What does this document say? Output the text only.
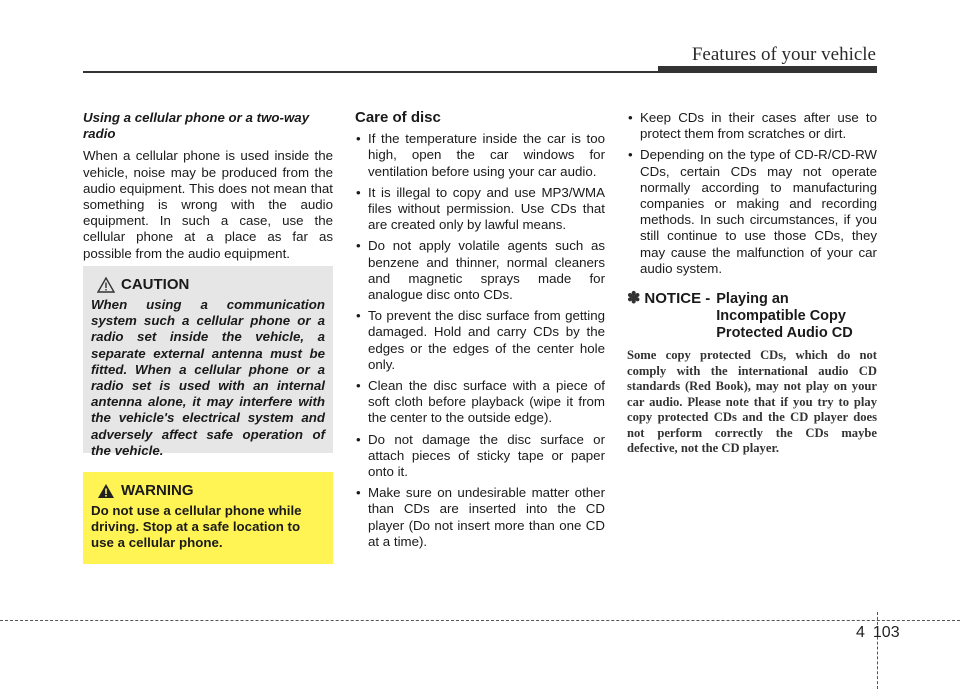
Features of your vehicle

Using a cellular phone or a two-way radio

When a cellular phone is used inside the vehicle, noise may be produced from the audio equipment. This does not mean that something is wrong with the audio equipment. In such a case, use the cellular phone at a place as far as possible from the audio equipment.

CAUTION

When using a communication system such a cellular phone or a radio set inside the vehicle, a separate external antenna must be fitted. When a cellular phone or a radio set is used with an internal antenna alone, it may interfere with the vehicle's electrical system and adversely affect safe operation of the vehicle.

WARNING

Do not use a cellular phone while driving. Stop at a safe location to use a cellular phone.

Care of disc

• If the temperature inside the car is too high, open the car windows for ventilation before using your car audio.
• It is illegal to copy and use MP3/WMA files without permission. Use CDs that are created only by lawful means.
• Do not apply volatile agents such as benzene and thinner, normal cleaners and magnetic sprays made for analogue disc onto CDs.
• To prevent the disc surface from getting damaged. Hold and carry CDs by the edges or the edges of the center hole only.
• Clean the disc surface with a piece of soft cloth before playback (wipe it from the center to the outside edge).
• Do not damage the disc surface or attach pieces of sticky tape or paper onto it.
• Make sure on undesirable matter other than CDs are inserted into the CD player (Do not insert more than one CD at a time).
• Keep CDs in their cases after use to protect them from scratches or dirt.
• Depending on the type of CD-R/CD-RW CDs, certain CDs may not operate normally according to manufacturing companies or making and recording methods. In such circumstances, if you still continue to use those CDs, they may cause the malfunction of your car audio system.
✽ NOTICE - Playing an
Incompatible Copy
Protected Audio CD

Some copy protected CDs, which do not comply with the international audio CD standards (Red Book), may not play on your car audio. Please note that if you try to play copy protected CDs and the CD player does not perform correctly the CDs maybe defective, not the CD player.

4 103
